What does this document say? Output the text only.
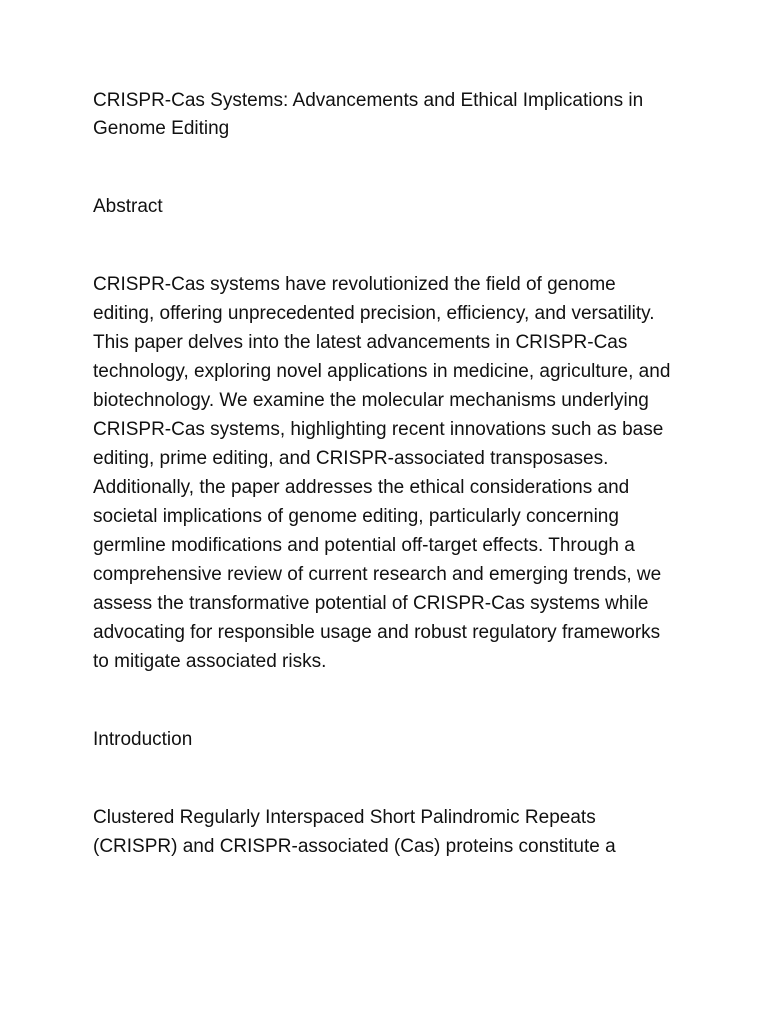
CRISPR-Cas Systems: Advancements and Ethical Implications in Genome Editing
Abstract

CRISPR-Cas systems have revolutionized the field of genome editing, offering unprecedented precision, efficiency, and versatility. This paper delves into the latest advancements in CRISPR-Cas technology, exploring novel applications in medicine, agriculture, and biotechnology. We examine the molecular mechanisms underlying CRISPR-Cas systems, highlighting recent innovations such as base editing, prime editing, and CRISPR-associated transposases. Additionally, the paper addresses the ethical considerations and societal implications of genome editing, particularly concerning germline modifications and potential off-target effects. Through a comprehensive review of current research and emerging trends, we assess the transformative potential of CRISPR-Cas systems while advocating for responsible usage and robust regulatory frameworks to mitigate associated risks.

Introduction

Clustered Regularly Interspaced Short Palindromic Repeats (CRISPR) and CRISPR-associated (Cas) proteins constitute a
